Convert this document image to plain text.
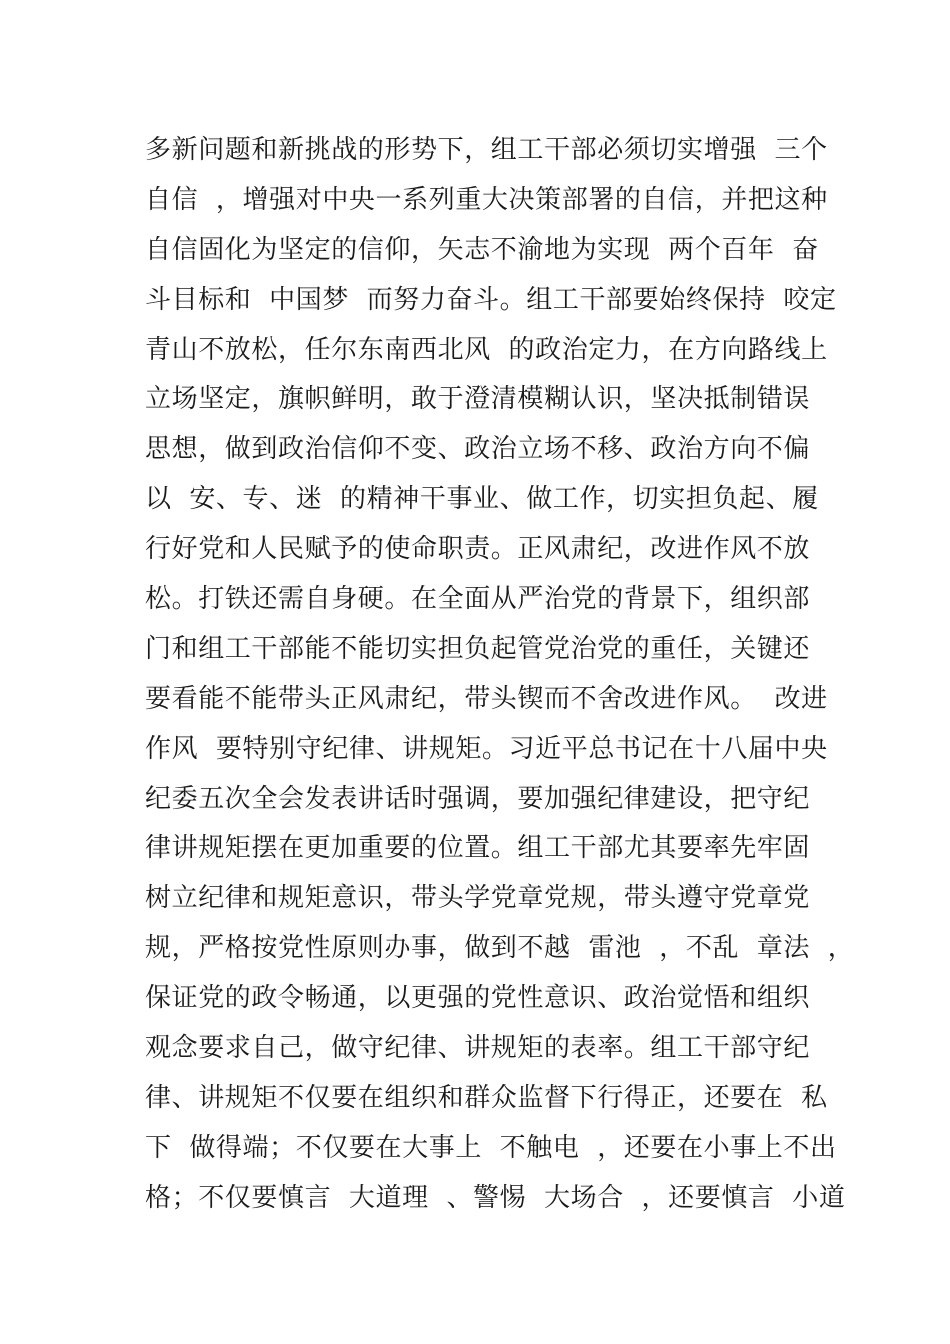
多新问题和新挑战的形势下，组工干部必须切实增强  三个
自信  ，增强对中央一系列重大决策部署的自信，并把这种
自信固化为坚定的信仰，矢志不渝地为实现  两个百年  奋
斗目标和  中国梦  而努力奋斗。组工干部要始终保持  咬定
青山不放松，任尔东南西北风  的政治定力，在方向路线上
立场坚定，旗帜鲜明，敢于澄清模糊认识，坚决抵制错误
思想，做到政治信仰不变、政治立场不移、政治方向不偏
以  安、专、迷  的精神干事业、做工作，切实担负起、履
行好党和人民赋予的使命职责。正风肃纪，改进作风不放
松。打铁还需自身硬。在全面从严治党的背景下，组织部
门和组工干部能不能切实担负起管党治党的重任，关键还
要看能不能带头正风肃纪，带头锲而不舍改进作风。  改进
作风  要特别守纪律、讲规矩。习近平总书记在十八届中央
纪委五次全会发表讲话时强调，要加强纪律建设，把守纪
律讲规矩摆在更加重要的位置。组工干部尤其要率先牢固
树立纪律和规矩意识，带头学党章党规，带头遵守党章党
规，严格按党性原则办事，做到不越  雷池  ，不乱  章法  ，
保证党的政令畅通，以更强的党性意识、政治觉悟和组织
观念要求自己，做守纪律、讲规矩的表率。组工干部守纪
律、讲规矩不仅要在组织和群众监督下行得正，还要在  私
下  做得端；不仅要在大事上  不触电  ，还要在小事上不出
格；不仅要慎言  大道理  、警惕  大场合  ，还要慎言  小道
